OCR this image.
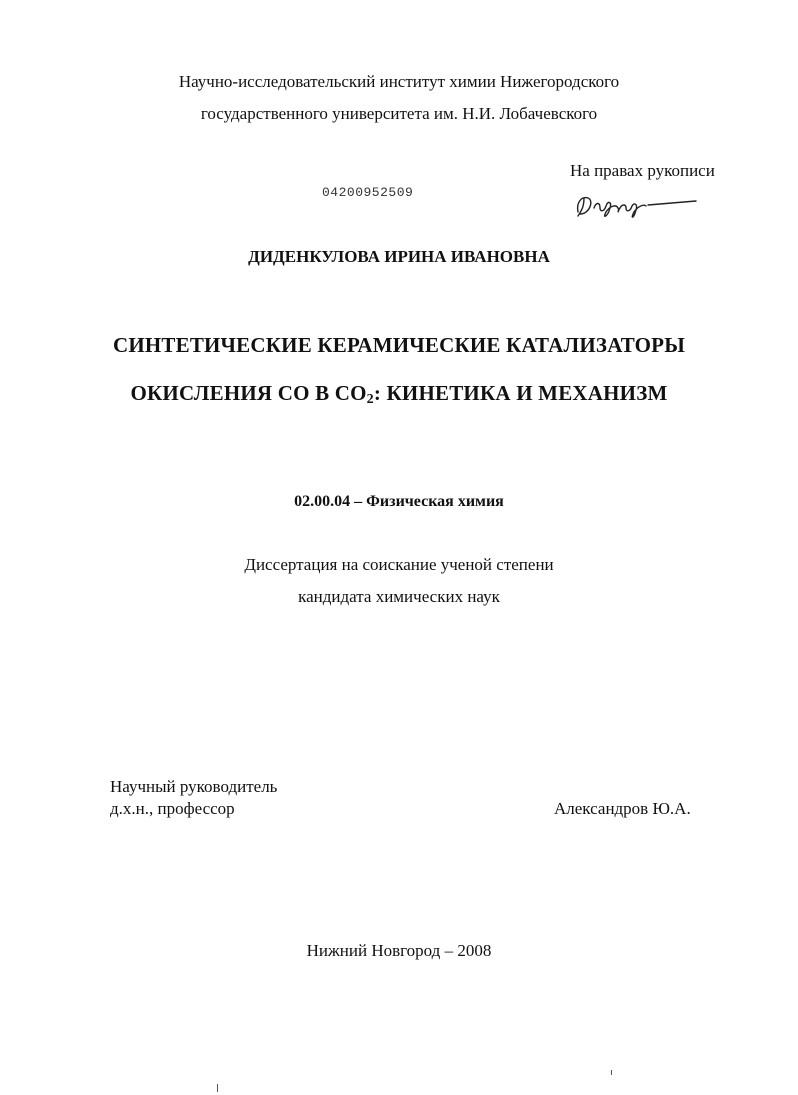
Научно-исследовательский институт химии Нижегородского
государственного университета им. Н.И. Лобачевского
На правах рукописи
04200952509
ДИДЕНКУЛОВА ИРИНА ИВАНОВНА
СИНТЕТИЧЕСКИЕ КЕРАМИЧЕСКИЕ КАТАЛИЗАТОРЫ
ОКИСЛЕНИЯ СО В $СО_2$: КИНЕТИКА И МЕХАНИЗМ
02.00.04 – Физическая химия
Диссертация на соискание ученой степени
кандидата химических наук
Научный руководитель
д.х.н., профессор	Александров Ю.А.
Нижний Новгород – 2008
